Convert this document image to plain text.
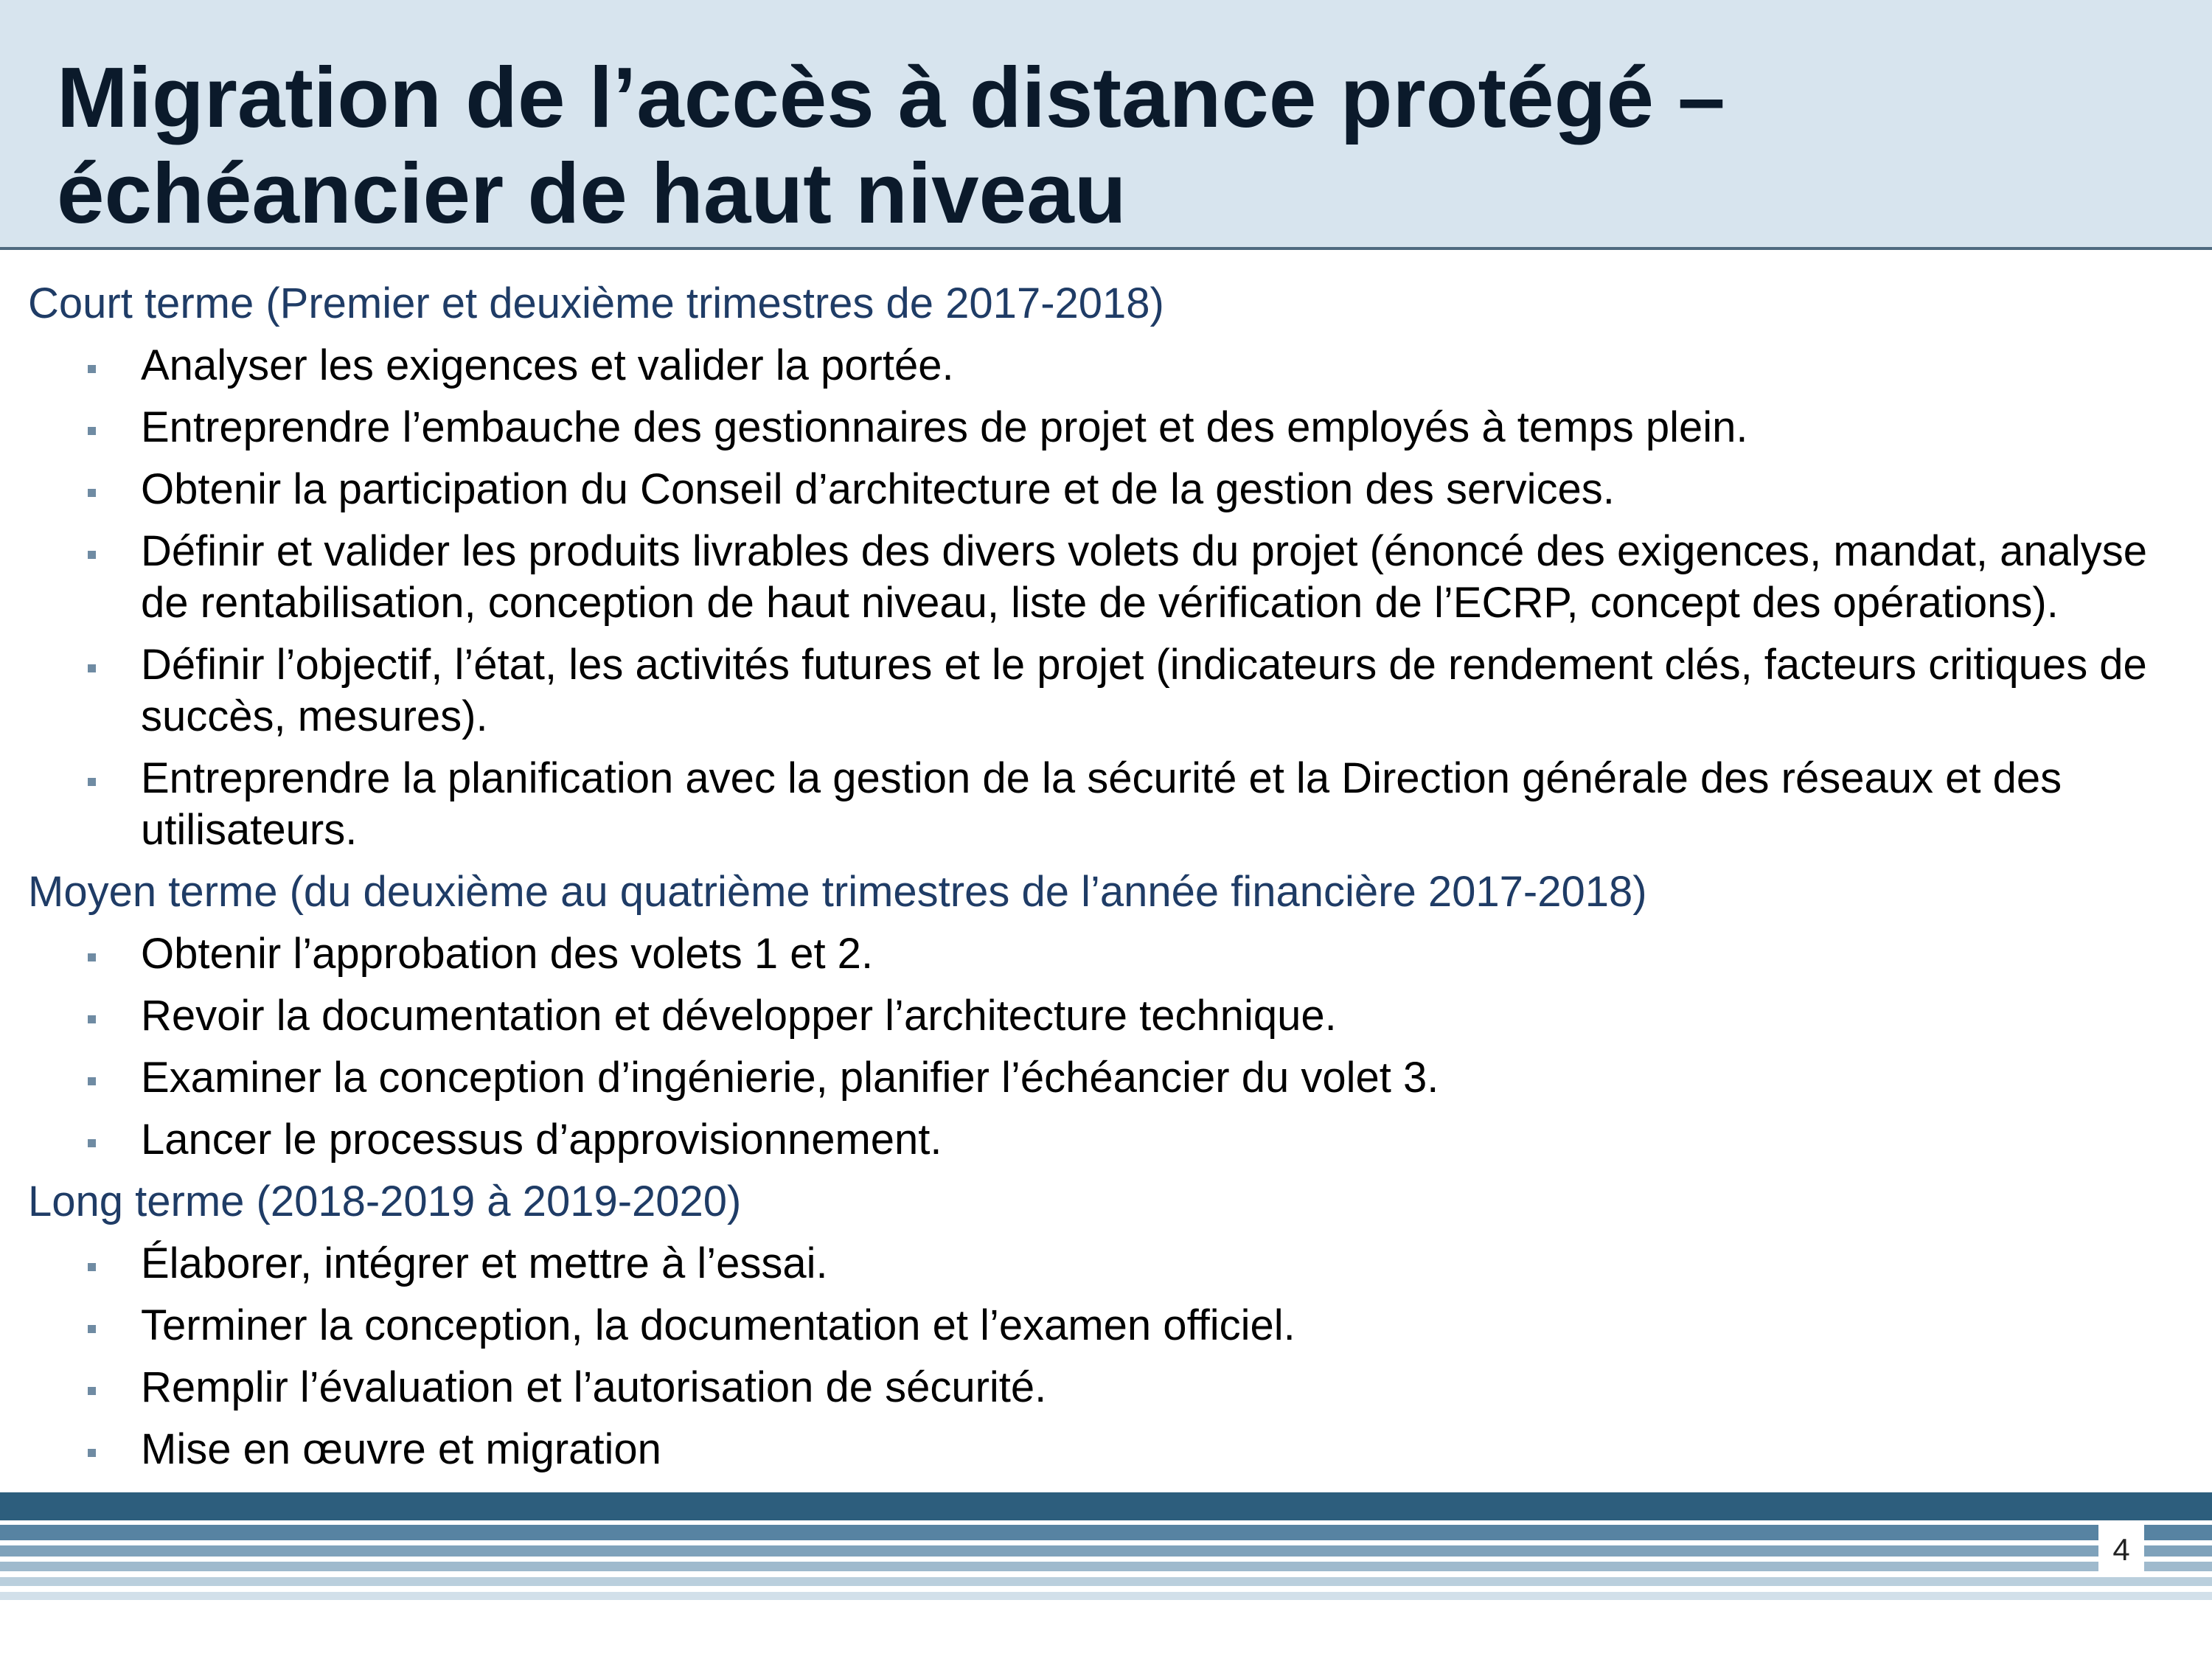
Migration de l’accès à distance protégé –
échéancier de haut niveau
Court terme (Premier et deuxième trimestres de 2017-2018)
Analyser les exigences et valider la portée.
Entreprendre l’embauche des gestionnaires de projet et des employés à temps plein.
Obtenir la participation du Conseil d’architecture et de la gestion des services.
Définir et valider les produits livrables des divers volets du projet (énoncé des exigences, mandat, analyse
de rentabilisation, conception de haut niveau, liste de vérification de l’ECRP, concept des opérations).
Définir l’objectif, l’état, les activités futures et le projet (indicateurs de rendement clés, facteurs critiques de
succès, mesures).
Entreprendre la planification avec la gestion de la sécurité et la Direction générale des réseaux et des
utilisateurs.
Moyen terme (du deuxième au quatrième trimestres de l’année financière 2017-2018)
Obtenir l’approbation des volets 1 et 2.
Revoir la documentation et développer l’architecture technique.
Examiner la conception d’ingénierie, planifier l’échéancier du volet 3.
Lancer le processus d’approvisionnement.
Long terme (2018-2019 à 2019-2020)
Élaborer, intégrer et mettre à l’essai.
Terminer la conception, la documentation et l’examen officiel.
Remplir l’évaluation et l’autorisation de sécurité.
Mise en œuvre et migration
4
